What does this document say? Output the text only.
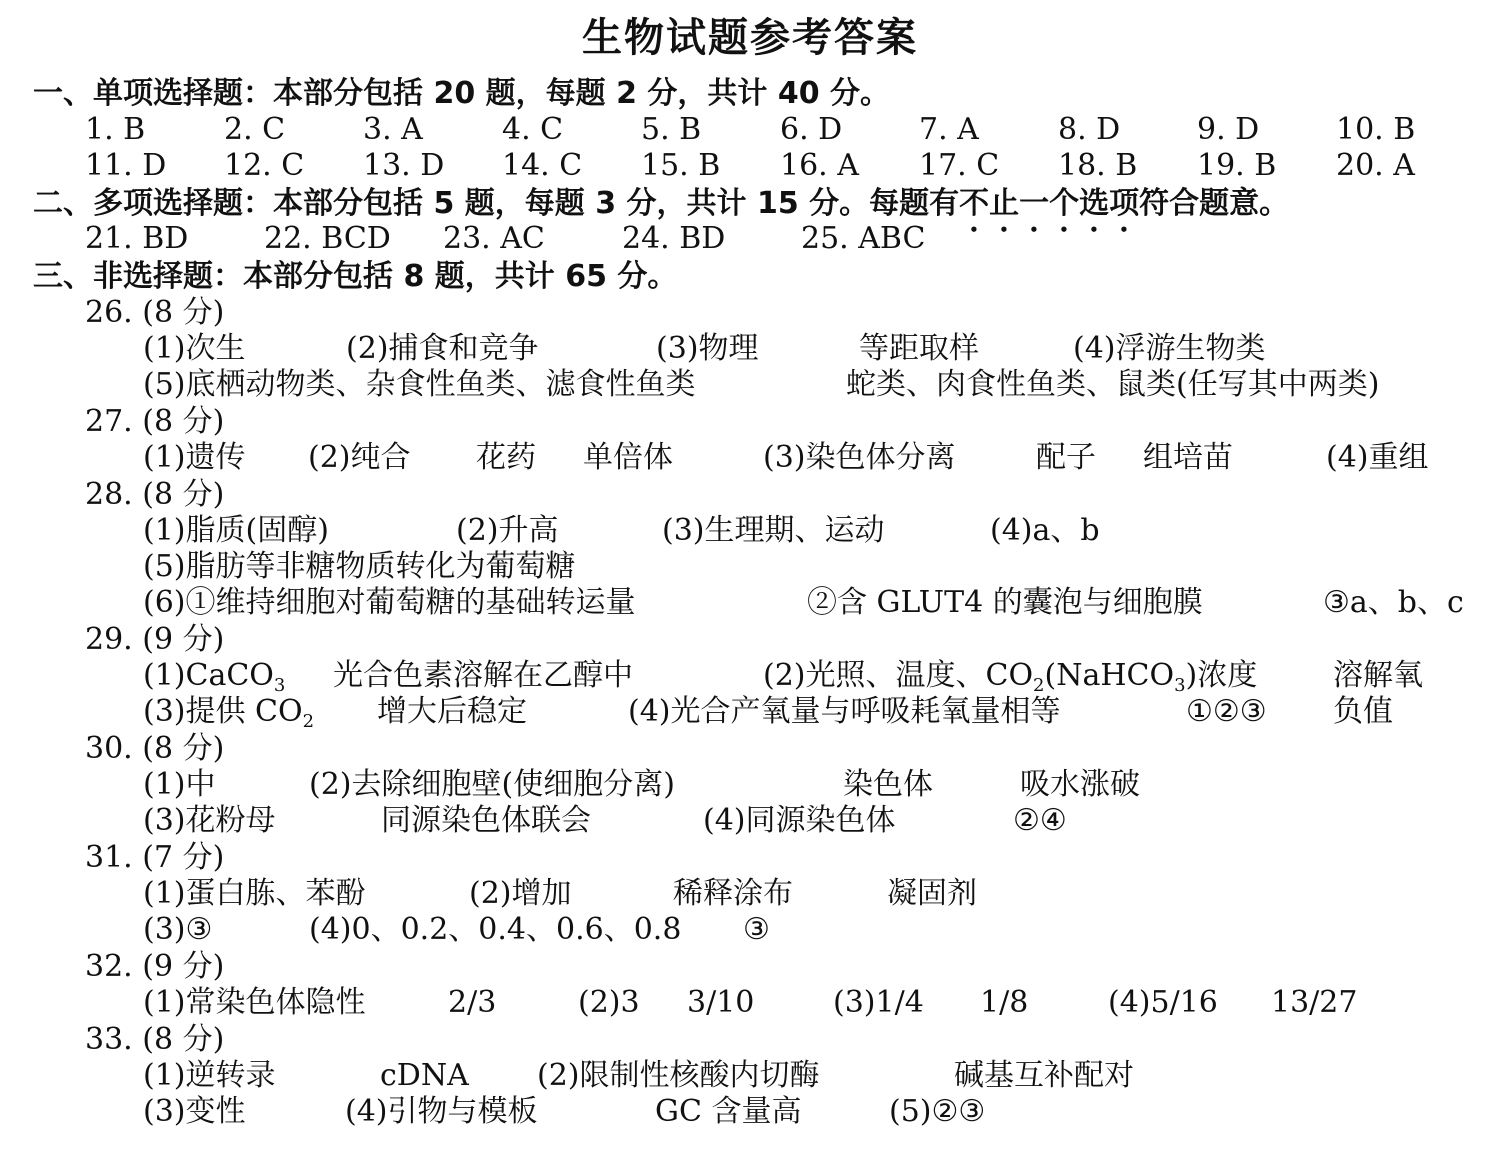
生物试题参考答案
一、单项选择题：本部分包括 20 题，每题 2 分，共计 40 分。
1. B	2. C	3. A	4. C	5. B	6. D	7. A	8. D	9. D	10. B
11. D 12. C 13. D 14. C 15. B 16. A 17. C 18. B 19. B 20. A
二、多项选择题：本部分包括 5 题，每题 3 分，共计 15 分。每题有不止一个选项符合题意。
21. BD	22. BCD 23. AC	24. BD	25. ABC
三、非选择题：本部分包括 8 题，共计 65 分。
26. (8 分)
(1)次生	(2)捕食和竞争	(3)物理	等距取样	(4)浮游生物类
(5)底栖动物类、杂食性鱼类、滤食性鱼类	蛇类、肉食性鱼类、鼠类(任写其中两类)
27. (8 分)
(1)遗传 (2)纯合 花药 单倍体	(3)染色体分离	配子 组培苗	(4)重组
28. (8 分)
(1)脂质(固醇)	(2)升高	(3)生理期、运动	(4)a、b
(5)脂肪等非糖物质转化为葡萄糖
(6)①维持细胞对葡萄糖的基础转运量	②含 GLUT4 的囊泡与细胞膜	③a、b、c
29. (9 分)
(1)CaCO$_3$ 光合色素溶解在乙醇中	(2)光照、温度、$CO_2(NaHCO_3)$浓度	溶解氧
(3)提供 $CO_2$ 增大后稳定	(4)光合产氧量与呼吸耗氧量相等	①②③ 负值
30. (8 分)
(1)中	(2)去除细胞壁(使细胞分离)	染色体	吸水涨破
(3)花粉母	同源染色体联会	(4)同源染色体	②④
31. (7 分)
(1)蛋白胨、苯酚	(2)增加	稀释涂布	凝固剂
(3)③	(4)0、0.2、0.4、0.6、0.8 ③
32. (9 分)
(1)常染色体隐性	2/3	(2)3 3/10	(3)1/4 1/8	(4)5/16 13/27
33. (8 分)
(1)逆转录	cDNA (2)限制性核酸内切酶	碱基互补配对
(3)变性	(4)引物与模板	GC 含量高	(5)②③
